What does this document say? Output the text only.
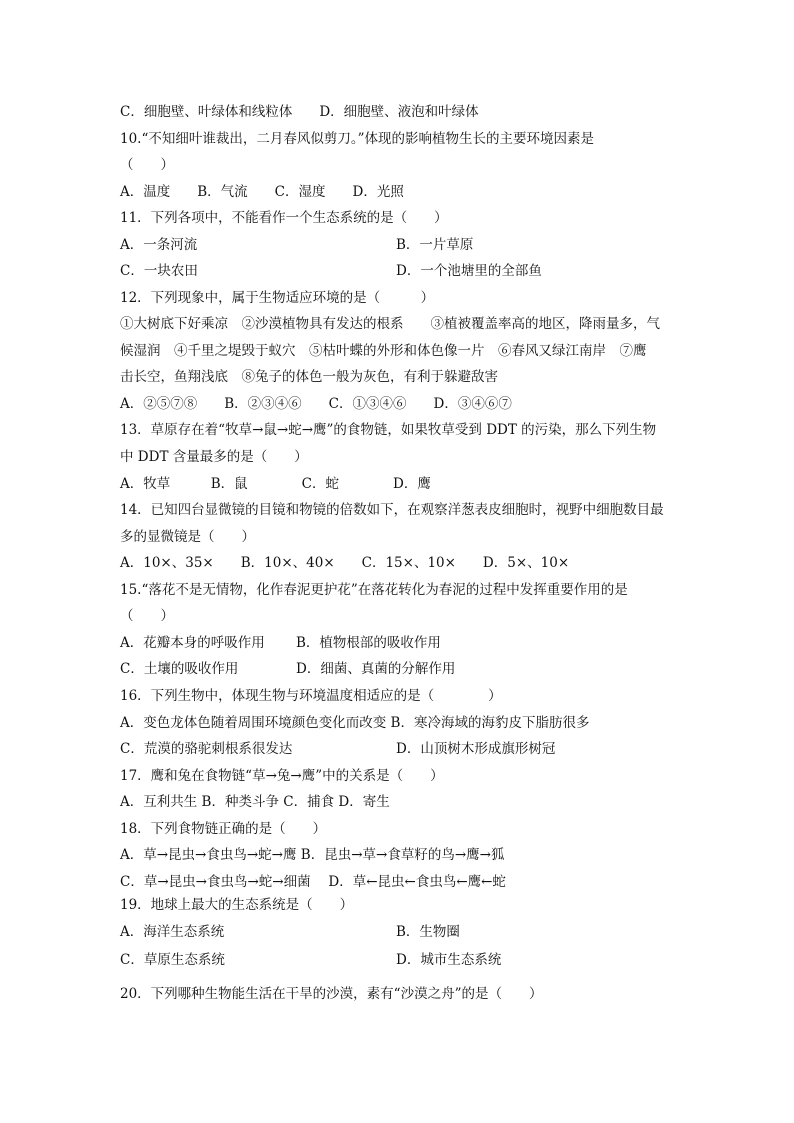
C．细胞壁、叶绿体和线粒体　　D．细胞壁、液泡和叶绿体
10.“不知细叶谁裁出，二月春风似剪刀。”体现的影响植物生长的主要环境因素是
（　　）
A．温度　　B．气流　　C．湿度　　D．光照
11．下列各项中，不能看作一个生态系统的是（　　）
A．一条河流	B．一片草原
C．一块农田	D．一个池塘里的全部鱼
12．下列现象中，属于生物适应环境的是（　　　）
①大树底下好乘凉　②沙漠植物具有发达的根系　　③植被覆盖率高的地区，降雨量多，气
候湿润　④千里之堤毁于蚁穴　⑤枯叶蝶的外形和体色像一片　⑥春风又绿江南岸　⑦鹰
击长空，鱼翔浅底　⑧兔子的体色一般为灰色，有利于躲避敌害
A．②⑤⑦⑧　　B．②③④⑥　　C．①③④⑥　　D．③④⑥⑦
13．草原存在着“牧草→鼠→蛇→鹰”的食物链，如果牧草受到 DDT 的污染，那么下列生物
中 DDT 含量最多的是（　　）
A．牧草　　　B．鼠　　　　C．蛇　　　　D．鹰
14．已知四台显微镜的目镜和物镜的倍数如下，在观察洋葱表皮细胞时，视野中细胞数目最
多的显微镜是（　　）
A．10×、35×　　B．10×、40×　　C．15×、10×　　D．5×、10×
15.“落花不是无情物，化作春泥更护花”在落花转化为春泥的过程中发挥重要作用的是
（　　）
A．花瓣本身的呼吸作用 B．植物根部的吸收作用
C．土壤的吸收作用	D．细菌、真菌的分解作用
16．下列生物中，体现生物与环境温度相适应的是（　　　　）
A．变色龙体色随着周围环境颜色变化而改变 B．寒冷海域的海豹皮下脂肪很多
C．荒漠的骆驼刺根系很发达	D．山顶树木形成旗形树冠
17．鹰和兔在食物链“草→兔→鹰”中的关系是（　　）
A．互利共生 B．种类斗争 C．捕食 D．寄生
18．下列食物链正确的是（　　）
A．草→昆虫→食虫鸟→蛇→鹰 B．昆虫→草→食草籽的鸟→鹰→狐
C．草→昆虫→食虫鸟→蛇→细菌　 D．草←昆虫←食虫鸟←鹰←蛇
19．地球上最大的生态系统是（　　）
A．海洋生态系统	B．生物圈
C．草原生态系统	D．城市生态系统
20．下列哪种生物能生活在干旱的沙漠，素有“沙漠之舟”的是（　　）
